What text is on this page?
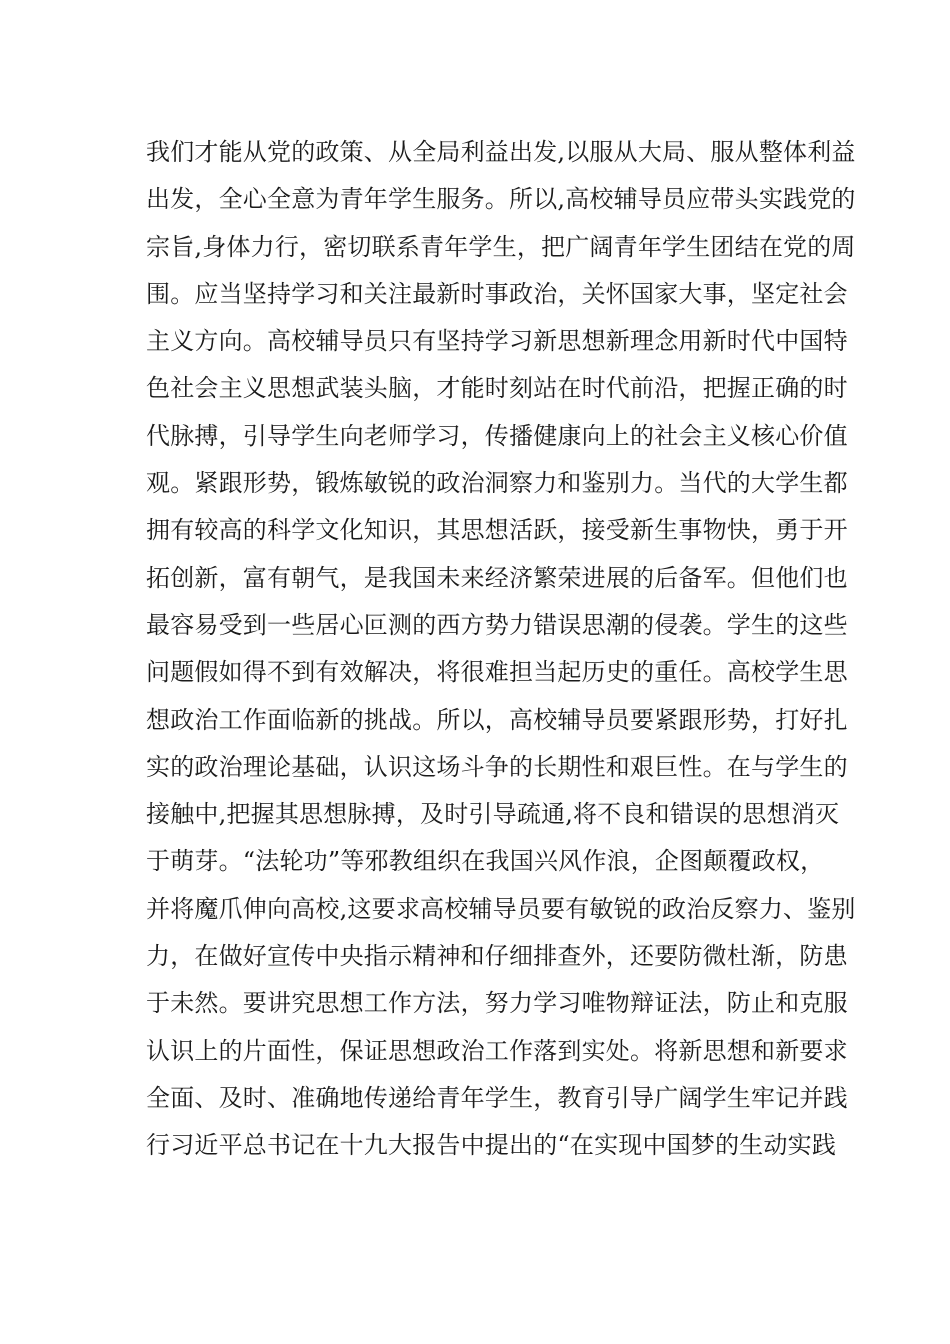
我们才能从党的政策、从全局利益出发,以服从大局、服从整体利益
出发，全心全意为青年学生服务。所以,高校辅导员应带头实践党的
宗旨,身体力行，密切联系青年学生，把广阔青年学生团结在党的周
围。应当坚持学习和关注最新时事政治，关怀国家大事，坚定社会
主义方向。高校辅导员只有坚持学习新思想新理念用新时代中国特
色社会主义思想武装头脑，才能时刻站在时代前沿，把握正确的时
代脉搏，引导学生向老师学习，传播健康向上的社会主义核心价值
观。紧跟形势，锻炼敏锐的政治洞察力和鉴别力。当代的大学生都
拥有较高的科学文化知识，其思想活跃，接受新生事物快，勇于开
拓创新，富有朝气，是我国未来经济繁荣进展的后备军。但他们也
最容易受到一些居心叵测的西方势力错误思潮的侵袭。学生的这些
问题假如得不到有效解决，将很难担当起历史的重任。高校学生思
想政治工作面临新的挑战。所以，高校辅导员要紧跟形势，打好扎
实的政治理论基础，认识这场斗争的长期性和艰巨性。在与学生的
接触中,把握其思想脉搏，及时引导疏通,将不良和错误的思想消灭
于萌芽。“法轮功”等邪教组织在我国兴风作浪，企图颠覆政权，
并将魔爪伸向高校,这要求高校辅导员要有敏锐的政治反察力、鉴别
力，在做好宣传中央指示精神和仔细排查外，还要防微杜渐，防患
于未然。要讲究思想工作方法，努力学习唯物辩证法，防止和克服
认识上的片面性，保证思想政治工作落到实处。将新思想和新要求
全面、及时、准确地传递给青年学生，教育引导广阔学生牢记并践
行习近平总书记在十九大报告中提出的“在实现中国梦的生动实践
